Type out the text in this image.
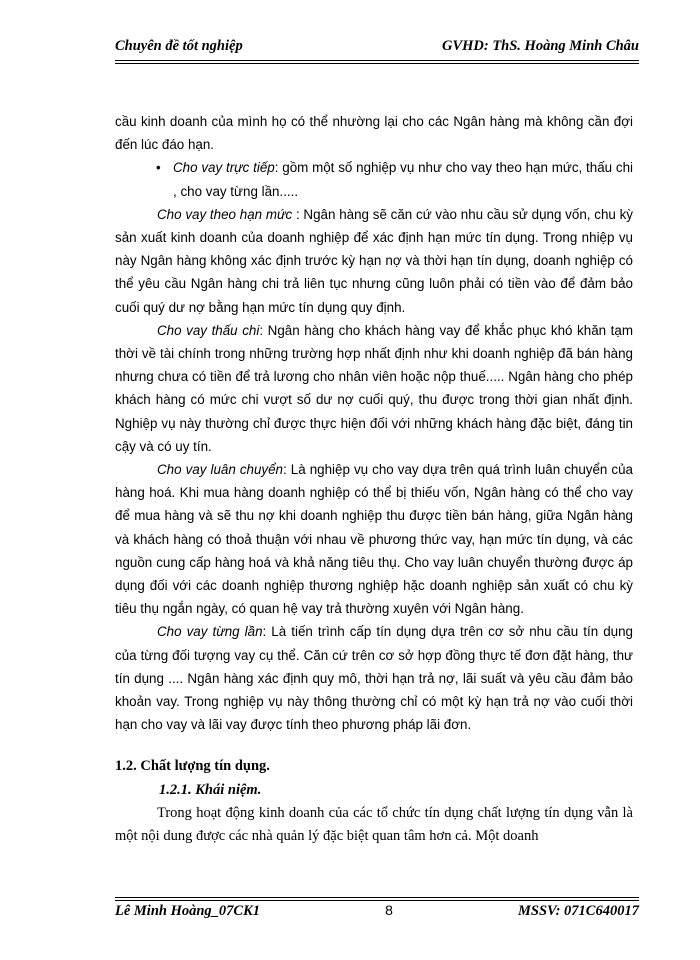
Chuyên đề tốt nghiệp	GVHD: ThS. Hoàng Minh Châu

cầu kinh doanh của mình họ có thể nhường lại cho các Ngân hàng mà không cần đợi đến lúc đáo hạn.

• Cho vay trực tiếp: gồm một số nghiệp vụ như cho vay theo hạn mức, thấu chi , cho vay từng lần.....

Cho vay theo hạn mức : Ngân hàng sẽ căn cứ vào nhu cầu sử dụng vốn, chu kỳ sản xuất kinh doanh của doanh nghiệp để xác định hạn mức tín dụng. Trong nhiệp vụ này Ngân hàng không xác định trước kỳ hạn nợ và thời hạn tín dụng, doanh nghiệp có thể yêu cầu Ngân hàng chi trả liên tục nhưng cũng luôn phải có tiền vào để đảm bảo cuối quý dư nợ bằng hạn mức tín dụng quy định.

Cho vay thấu chi: Ngân hàng cho khách hàng vay để khắc phục khó khăn tạm thời về tài chính trong những trường hợp nhất định như khi doanh nghiệp đã bán hàng nhưng chưa có tiền để trả lương cho nhân viên hoặc nộp thuế..... Ngân hàng cho phép khách hàng có mức chi vượt số dư nợ cuối quý, thu được trong thời gian nhất định. Nghiệp vụ này thường chỉ được thực hiện đối với những khách hàng đặc biệt, đáng tin cậy và có uy tín.

Cho vay luân chuyển: Là nghiệp vụ cho vay dựa trên quá trình luân chuyển của hàng hoá. Khi mua hàng doanh nghiệp có thể bị thiếu vốn, Ngân hàng có thể cho vay để mua hàng và sẽ thu nợ khi doanh nghiệp thu được tiền bán hàng, giữa Ngân hàng và khách hàng có thoả thuận với nhau về phương thức vay, hạn mức tín dụng, và các nguồn cung cấp hàng hoá và khả năng tiêu thụ. Cho vay luân chuyển thường được áp dụng đối với các doanh nghiệp thương nghiệp hặc doanh nghiệp sản xuất có chu kỳ tiêu thụ ngắn ngày, có quan hệ vay trả thường xuyên với Ngân hàng.

Cho vay từng lần: Là tiến trình cấp tín dụng dựa trên cơ sở nhu cầu tín dụng của từng đối tượng vay cụ thể. Căn cứ trên cơ sở hợp đồng thực tế đơn đặt hàng, thư tín dụng .... Ngân hàng xác định quy mô, thời hạn trả nợ, lãi suất và yêu cầu đảm bảo khoản vay. Trong nghiệp vụ này thông thường chỉ có một kỳ hạn trả nợ vào cuối thời hạn cho vay và lãi vay được tính theo phương pháp lãi đơn.

1.2. Chất lượng tín dụng.

1.2.1. Khái niệm.

Trong hoạt động kinh doanh của các tổ chức tín dụng chất lượng tín dụng vẫn là một nội dung được các nhà quản lý đặc biệt quan tâm hơn cả. Một doanh

Lê Minh Hoàng_07CK1	8	MSSV: 071C640017
